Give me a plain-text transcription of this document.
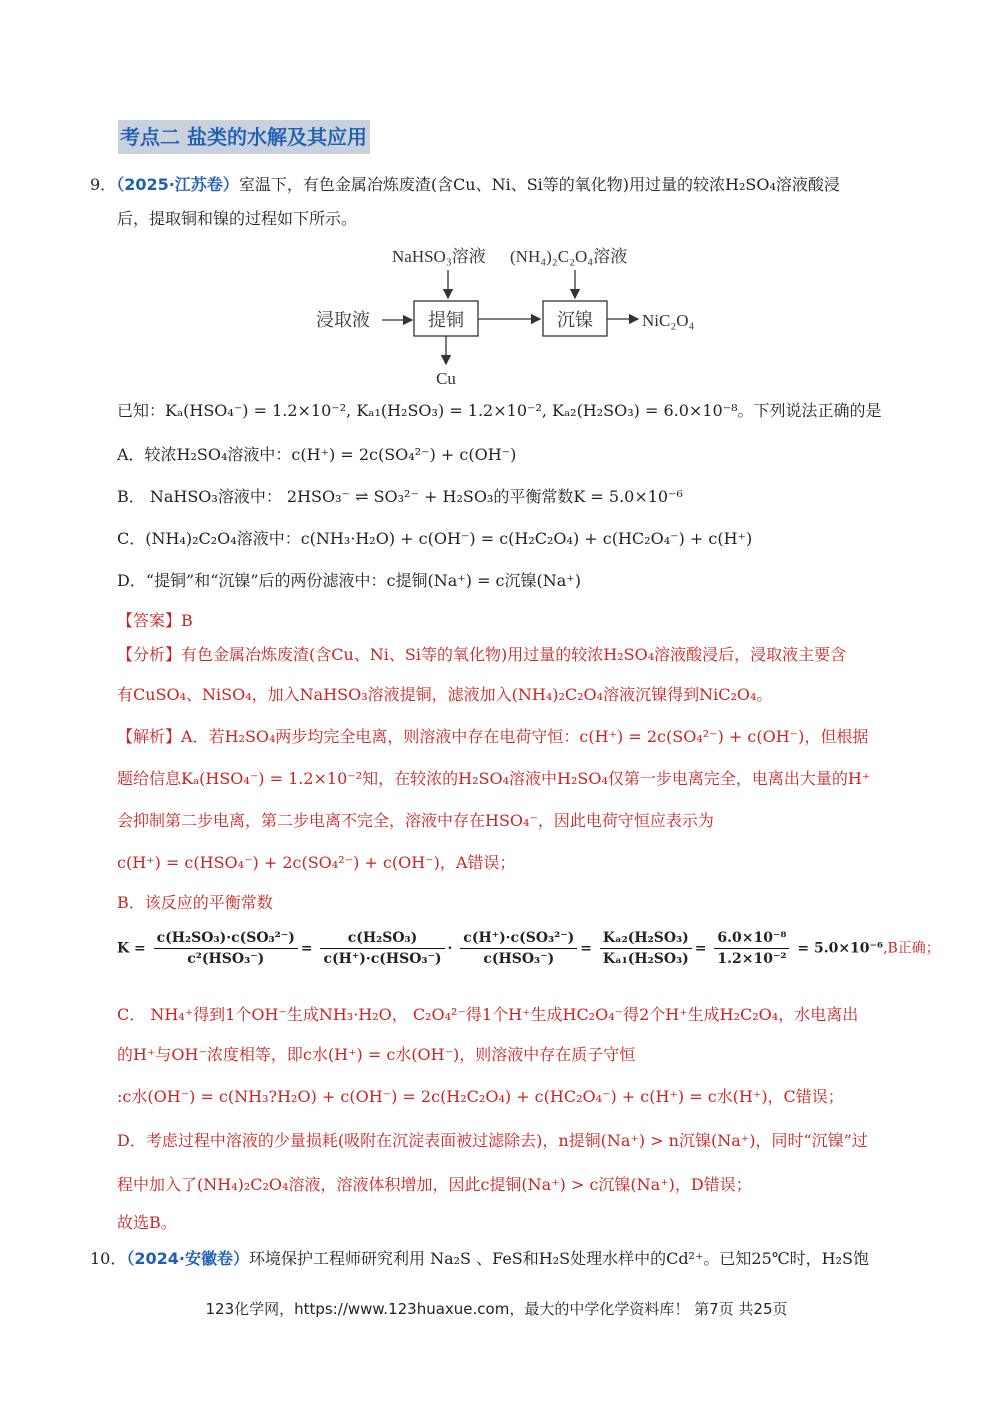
考点二 盐类的水解及其应用
9．（2025·江苏卷）室温下，有色金属冶炼废渣(含Cu、Ni、Si等的氧化物)用过量的较浓H₂SO₄溶液酸浸
后，提取铜和镍的过程如下所示。
NaHSO₃溶液 (NH₄)₂C₂O₄溶液
浸取液	提铜	沉镍	NiC₂O₄
Cu
已知：Kₐ(HSO₄⁻) = 1.2×10⁻², Kₐ₁(H₂SO₃) = 1.2×10⁻², Kₐ₂(H₂SO₃) = 6.0×10⁻⁸。下列说法正确的是
A．较浓H₂SO₄溶液中：c(H⁺) = 2c(SO₄²⁻) + c(OH⁻)
B． NaHSO₃溶液中： 2HSO₃⁻ ⇌ SO₃²⁻ + H₂SO₃的平衡常数K = 5.0×10⁻⁶
C．(NH₄)₂C₂O₄溶液中：c(NH₃·H₂O) + c(OH⁻) = c(H₂C₂O₄) + c(HC₂O₄⁻) + c(H⁺)
D．“提铜”和“沉镍”后的两份滤液中：c提铜(Na⁺) = c沉镍(Na⁺)
【答案】B
【分析】有色金属冶炼废渣(含Cu、Ni、Si等的氧化物)用过量的较浓H₂SO₄溶液酸浸后，浸取液主要含
有CuSO₄、NiSO₄，加入NaHSO₃溶液提铜，滤液加入(NH₄)₂C₂O₄溶液沉镍得到NiC₂O₄。
【解析】A．若H₂SO₄两步均完全电离，则溶液中存在电荷守恒：c(H⁺) = 2c(SO₄²⁻) + c(OH⁻)，但根据
题给信息Kₐ(HSO₄⁻) = 1.2×10⁻²知，在较浓的H₂SO₄溶液中H₂SO₄仅第一步电离完全，电离出大量的H⁺
会抑制第二步电离，第二步电离不完全，溶液中存在HSO₄⁻，因此电荷守恒应表示为
c(H⁺) = c(HSO₄⁻) + 2c(SO₄²⁻) + c(OH⁻)，A错误；
B．该反应的平衡常数
$K = \frac{\text{c(H₂SO₃)·c(SO₃²⁻)}}{\text{c²(HSO₃⁻)}} = \frac{\text{c(H₂SO₃)}}{\text{c(H⁺)·c(HSO₃⁻)}} \cdot \frac{\text{c(H⁺)·c(SO₃²⁻)}}{\text{c(HSO₃⁻)}} = \frac{\text{Kₐ₂(H₂SO₃)}}{\text{Kₐ₁(H₂SO₃)}} = \frac{\text{6.0×10⁻⁸}}{\text{1.2×10⁻²}} = 5.0\times 10^{-6},B$正确；
C． NH₄⁺得到1个OH⁻生成NH₃·H₂O， C₂O₄²⁻得1个H⁺生成HC₂O₄⁻得2个H⁺生成H₂C₂O₄，水电离出
的H⁺与OH⁻浓度相等，即c水(H⁺) = c水(OH⁻)，则溶液中存在质子守恒
:c水(OH⁻) = c(NH₃?H₂O) + c(OH⁻) = 2c(H₂C₂O₄) + c(HC₂O₄⁻) + c(H⁺) = c水(H⁺)，C错误；
D．考虑过程中溶液的少量损耗(吸附在沉淀表面被过滤除去)，n提铜(Na⁺) > n沉镍(Na⁺)，同时“沉镍”过
程中加入了(NH₄)₂C₂O₄溶液，溶液体积增加，因此c提铜(Na⁺) > c沉镍(Na⁺)，D错误；
故选B。
10．（2024·安徽卷）环境保护工程师研究利用 Na₂S 、FeS和H₂S处理水样中的Cd²⁺。已知25℃时，H₂S饱
123化学网，https://www.123huaxue.com，最大的中学化学资料库！ 第7页 共25页
